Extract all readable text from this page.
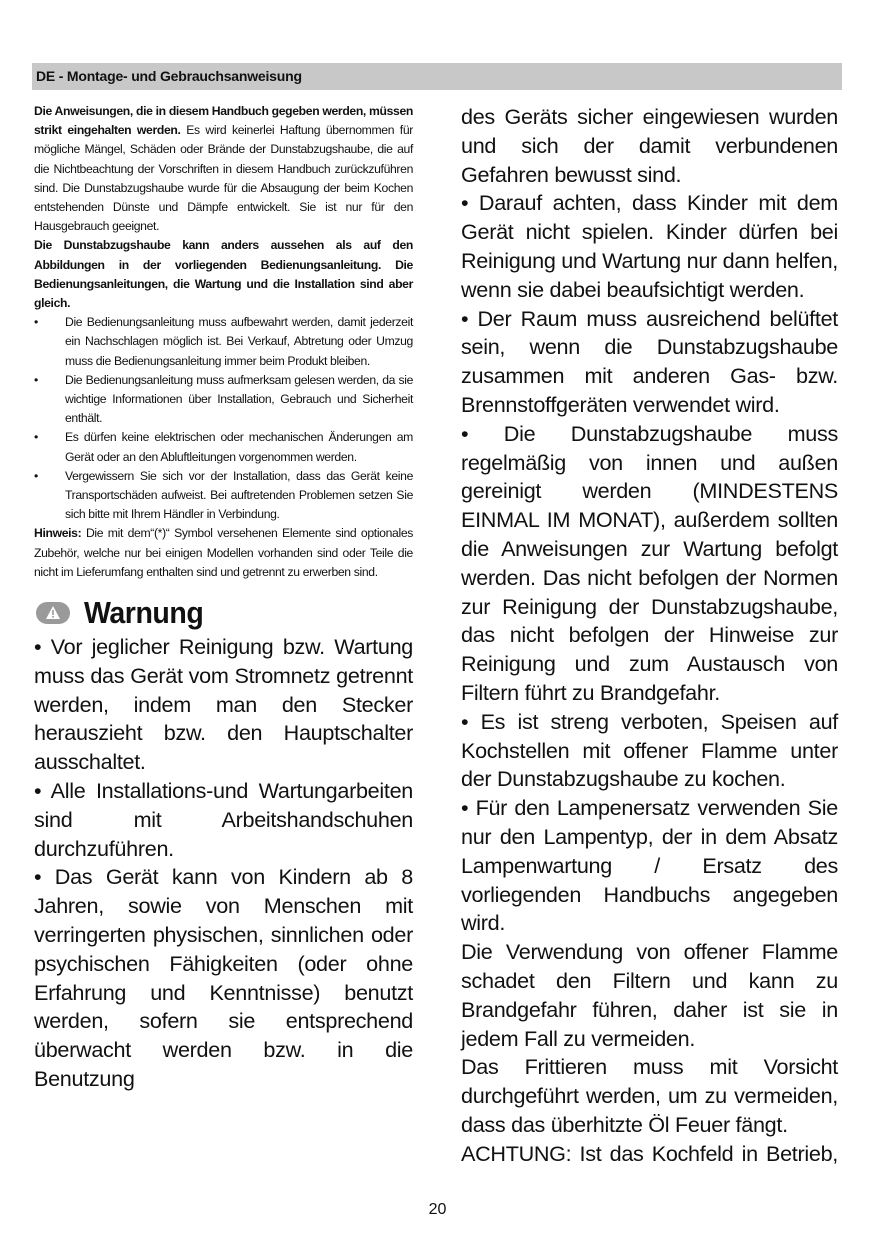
DE - Montage- und Gebrauchsanweisung

Die Anweisungen, die in diesem Handbuch gegeben werden, müssen strikt eingehalten werden. Es wird keinerlei Haftung übernommen für mögliche Mängel, Schäden oder Brände der Dunstabzugshaube, die auf die Nichtbeachtung der Vorschriften in diesem Handbuch zurückzuführen sind. Die Dunstabzugshaube wurde für die Absaugung der beim Kochen entstehenden Dünste und Dämpfe entwickelt. Sie ist nur für den Hausgebrauch geeignet.

Die Dunstabzugshaube kann anders aussehen als auf den Abbildungen in der vorliegenden Bedienungsanleitung. Die Bedienungsanleitungen, die Wartung und die Installation sind aber gleich.

• Die Bedienungsanleitung muss aufbewahrt werden, damit jederzeit ein Nachschlagen möglich ist. Bei Verkauf, Abtretung oder Umzug muss die Bedienungsanleitung immer beim Produkt bleiben.
• Die Bedienungsanleitung muss aufmerksam gelesen werden, da sie wichtige Informationen über Installation, Gebrauch und Sicherheit enthält.
• Es dürfen keine elektrischen oder mechanischen Änderungen am Gerät oder an den Abluftleitungen vorgenommen werden.
• Vergewissern Sie sich vor der Installation, dass das Gerät keine Transportschäden aufweist. Bei auftretenden Problemen setzen Sie sich bitte mit Ihrem Händler in Verbindung.

Hinweis: Die mit dem“(*)“ Symbol versehenen Elemente sind optionales Zubehör, welche nur bei einigen Modellen vorhanden sind oder Teile die nicht im Lieferumfang enthalten sind und getrennt zu erwerben sind.

Warnung

• Vor jeglicher Reinigung bzw. Wartung muss das Gerät vom Stromnetz getrennt werden, indem man den Stecker herauszieht bzw. den Hauptschalter ausschaltet.

• Alle Installations-und Wartungarbeiten sind mit Arbeitshandschuhen durchzuführen.

• Das Gerät kann von Kindern ab 8 Jahren, sowie von Menschen mit verringerten physischen, sinnlichen oder psychischen Fähigkeiten (oder ohne Erfahrung und Kenntnisse) benutzt werden, sofern sie entsprechend überwacht werden bzw. in die Benutzung

des Geräts sicher eingewiesen wurden und sich der damit verbundenen Gefahren bewusst sind.

• Darauf achten, dass Kinder mit dem Gerät nicht spielen. Kinder dürfen bei Reinigung und Wartung nur dann helfen, wenn sie dabei beaufsichtigt werden.

• Der Raum muss ausreichend belüftet sein, wenn die Dunstabzugshaube zusammen mit anderen Gas- bzw. Brennstoffgeräten verwendet wird.

• Die Dunstabzugshaube muss regelmäßig von innen und außen gereinigt werden (MINDESTENS EINMAL IM MONAT), außerdem sollten die Anweisungen zur Wartung befolgt werden. Das nicht befolgen der Normen zur Reinigung der Dunstabzugshaube, das nicht befolgen der Hinweise zur Reinigung und zum Austausch von Filtern führt zu Brandgefahr.

• Es ist streng verboten, Speisen auf Kochstellen mit offener Flamme unter der Dunstabzugshaube zu kochen.

• Für den Lampenersatz verwenden Sie nur den Lampentyp, der in dem Absatz Lampenwartung / Ersatz des vorliegenden Handbuchs angegeben wird.

Die Verwendung von offener Flamme schadet den Filtern und kann zu Brandgefahr führen, daher ist sie in jedem Fall zu vermeiden.

Das Frittieren muss mit Vorsicht durchgeführt werden, um zu vermeiden, dass das überhitzte Öl Feuer fängt.

ACHTUNG: Ist das Kochfeld in Betrieb,

20
